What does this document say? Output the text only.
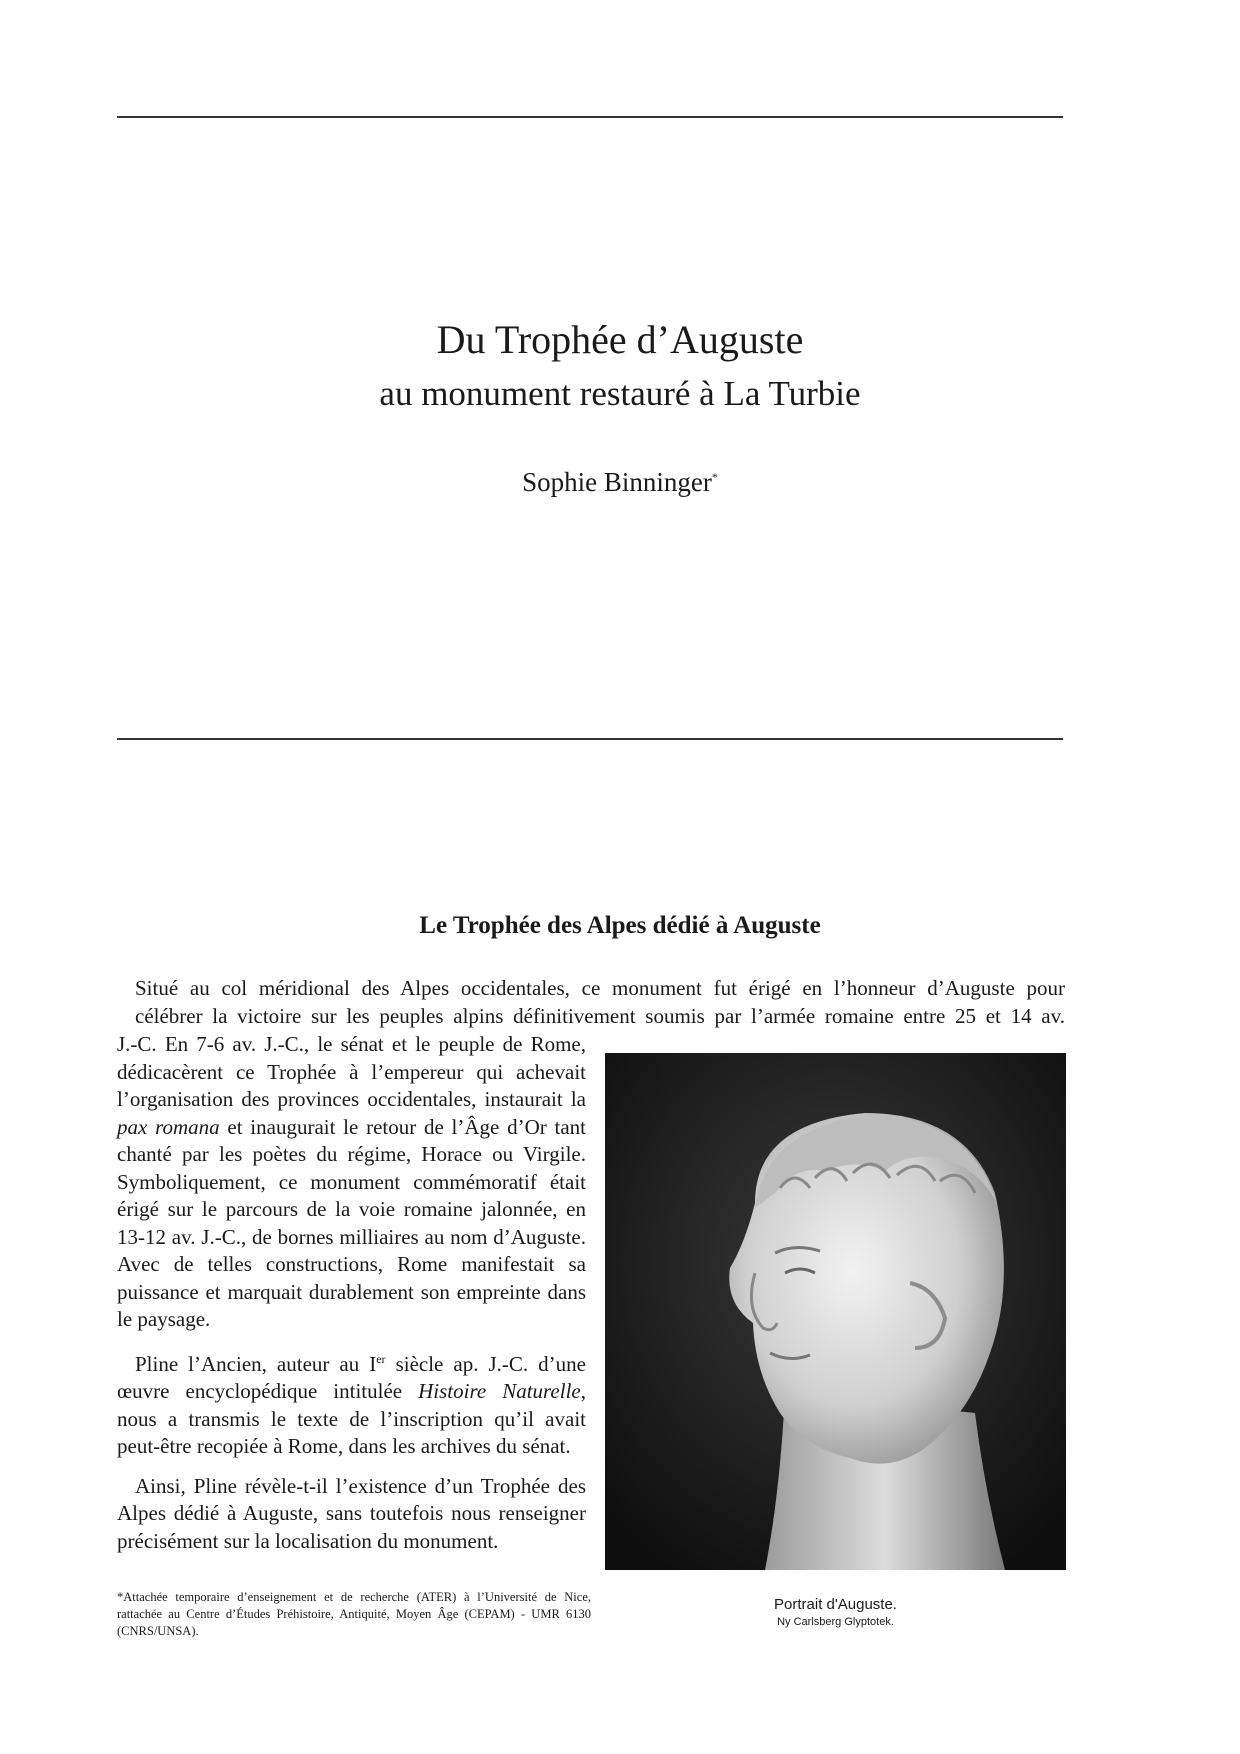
Du Trophée d’Auguste
au monument restauré à La Turbie
Sophie Binninger*
Le Trophée des Alpes dédié à Auguste
Situé au col méridional des Alpes occidentales, ce monument fut érigé en l’honneur d’Auguste pour
célébrer la victoire sur les peuples alpins définitivement soumis par l’armée romaine entre 25 et 14 av.

J.-C. En 7-6 av. J.-C., le sénat et le peuple de Rome, dédicacèrent ce Trophée à l’empereur qui achevait l’organisation des provinces occidentales, instaurait la pax romana et inaugurait le retour de l’Âge d’Or tant chanté par les poètes du régime, Horace ou Virgile. Symboliquement, ce monument commémoratif était érigé sur le parcours de la voie romaine jalonnée, en 13-12 av. J.-C., de bornes milliaires au nom d’Auguste. Avec de telles constructions, Rome manifestait sa puissance et marquait durablement son empreinte dans le paysage.

Pline l’Ancien, auteur au Ier siècle ap. J.-C. d’une œuvre encyclopédique intitulée Histoire Naturelle, nous a transmis le texte de l’inscription qu’il avait peut-être recopiée à Rome, dans les archives du sénat.

Ainsi, Pline révèle-t-il l’existence d’un Trophée des Alpes dédié à Auguste, sans toutefois nous renseigner précisément sur la localisation du monument.

Portrait d'Auguste.
Ny Carlsberg Glyptotek.

*Attachée temporaire d’enseignement et de recherche (ATER) à l’Université de Nice, rattachée au Centre d’Études Préhistoire, Antiquité, Moyen Âge (CEPAM) - UMR 6130 (CNRS/UNSA).
